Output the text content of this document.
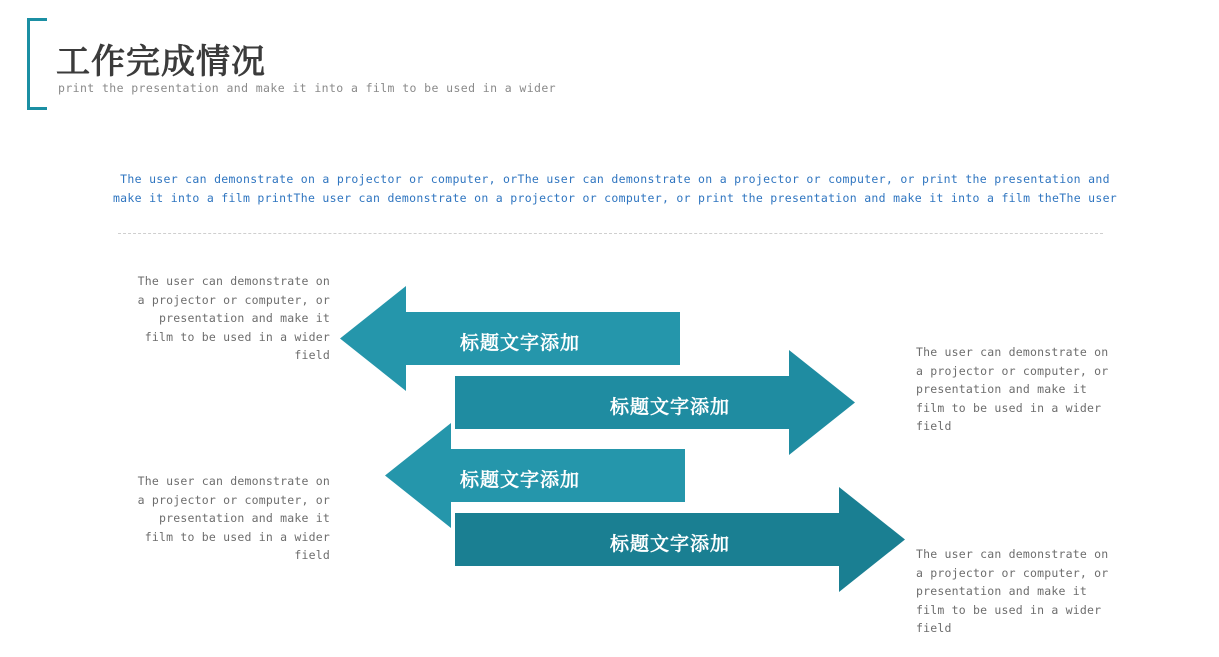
工作完成情况
print the presentation and make it into a film to be used in a wider
The user can demonstrate on a projector or computer, orThe user can demonstrate on a projector or computer, or print the presentation and make it into a film printThe user can demonstrate on a projector or computer, or print the presentation and make it into a film theThe user
标题文字添加
标题文字添加
标题文字添加
标题文字添加
The user can demonstrate on a projector or computer, or presentation and make it film to be used in a wider field	The user can demonstrate on a projector or computer, or presentation and make it film to be used in a wider field
The user can demonstrate on a projector or computer, or presentation and make it film to be used in a wider field	The user can demonstrate on a projector or computer, or presentation and make it film to be used in a wider field
